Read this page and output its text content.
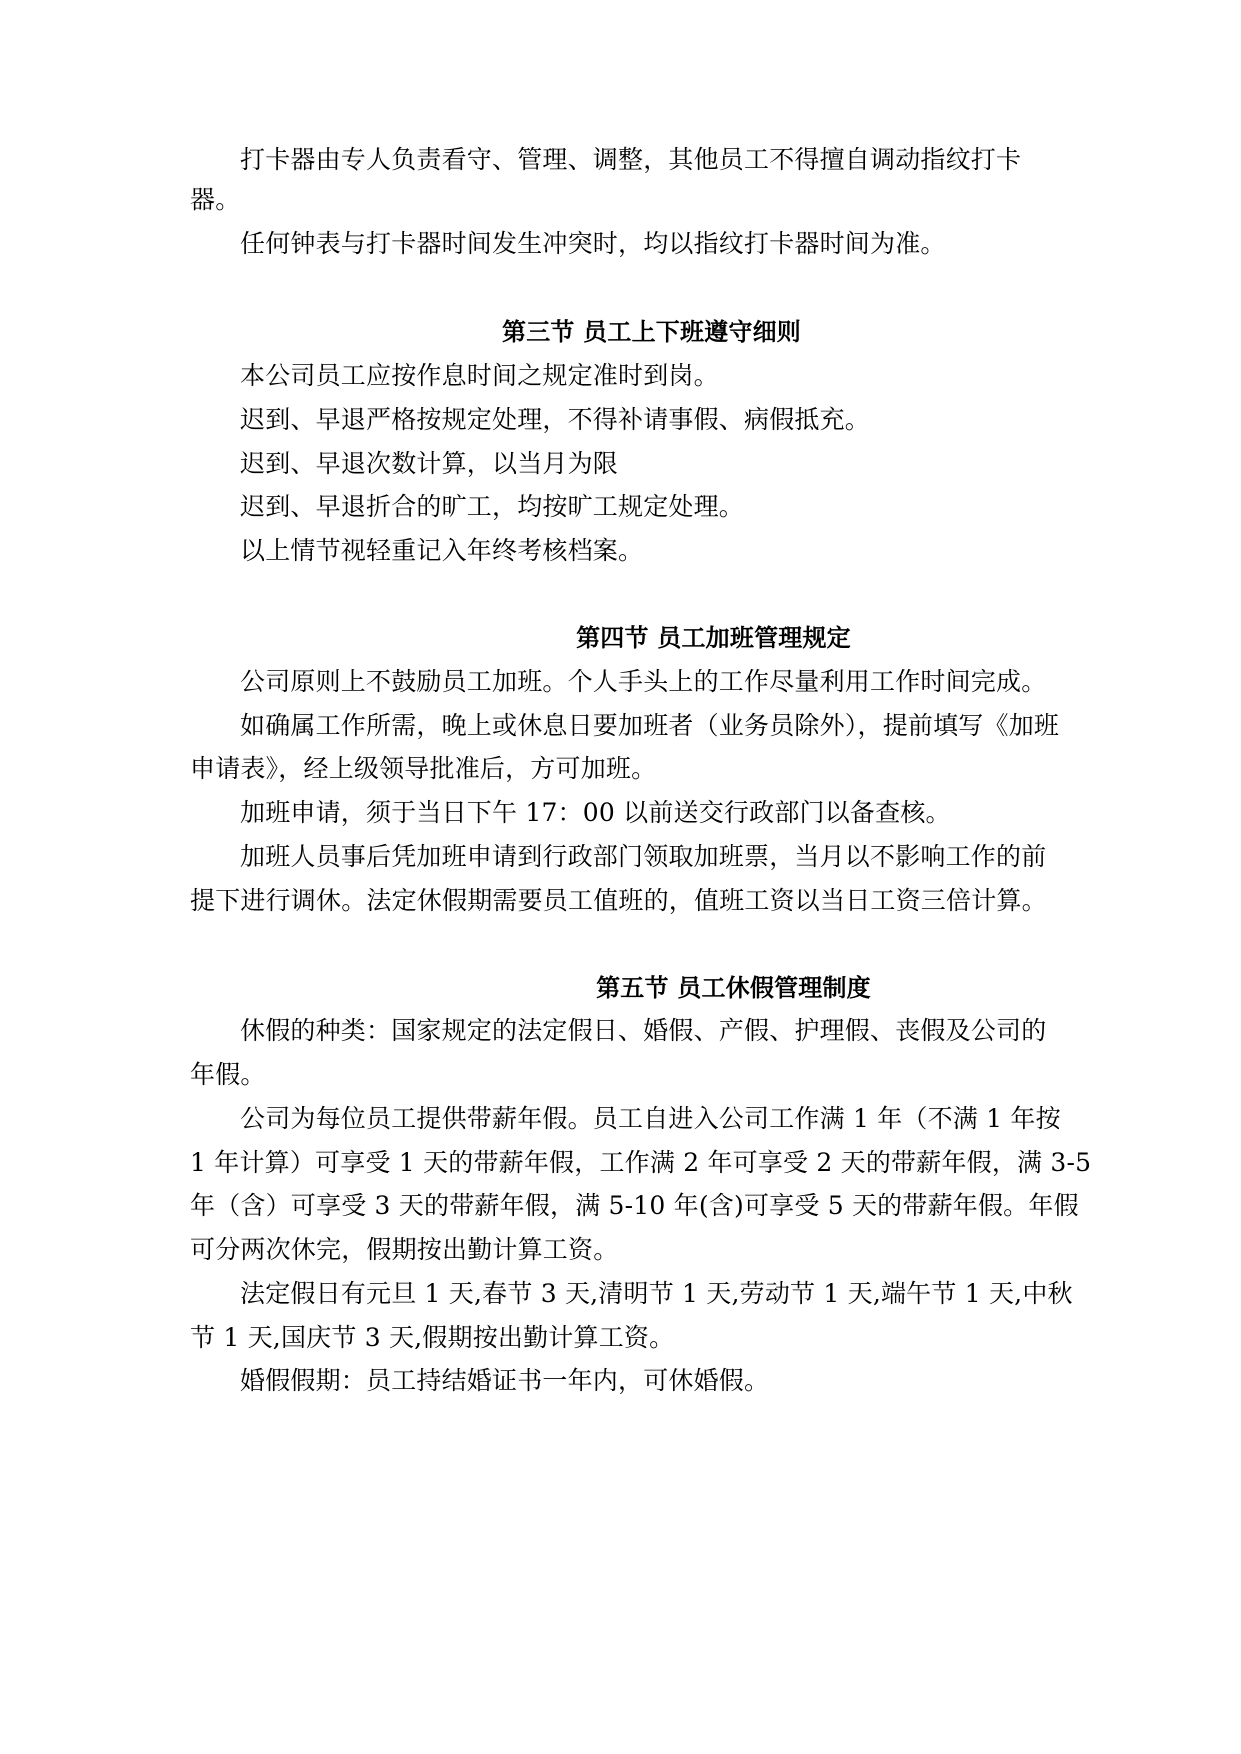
打卡器由专人负责看守、管理、调整，其他员工不得擅自调动指纹打卡

器。

任何钟表与打卡器时间发生冲突时，均以指纹打卡器时间为准。

第三节 员工上下班遵守细则

本公司员工应按作息时间之规定准时到岗。

迟到、早退严格按规定处理，不得补请事假、病假抵充。

迟到、早退次数计算，以当月为限

迟到、早退折合的旷工，均按旷工规定处理。

以上情节视轻重记入年终考核档案。

第四节 员工加班管理规定

公司原则上不鼓励员工加班。个人手头上的工作尽量利用工作时间完成。

如确属工作所需，晚上或休息日要加班者（业务员除外），提前填写《加班

申请表》，经上级领导批准后，方可加班。

加班申请，须于当日下午 17：00 以前送交行政部门以备查核。

加班人员事后凭加班申请到行政部门领取加班票，当月以不影响工作的前

提下进行调休。法定休假期需要员工值班的，值班工资以当日工资三倍计算。

第五节 员工休假管理制度

休假的种类：国家规定的法定假日、婚假、产假、护理假、丧假及公司的

年假。

公司为每位员工提供带薪年假。员工自进入公司工作满 1 年（不满 1 年按

1 年计算）可享受 1 天的带薪年假，工作满 2 年可享受 2 天的带薪年假，满 3-5

年（含）可享受 3 天的带薪年假，满 5-10 年(含)可享受 5 天的带薪年假。年假

可分两次休完，假期按出勤计算工资。

法定假日有元旦 1 天,春节 3 天,清明节 1 天,劳动节 1 天,端午节 1 天,中秋

节 1 天,国庆节 3 天,假期按出勤计算工资。

婚假假期：员工持结婚证书一年内，可休婚假。
